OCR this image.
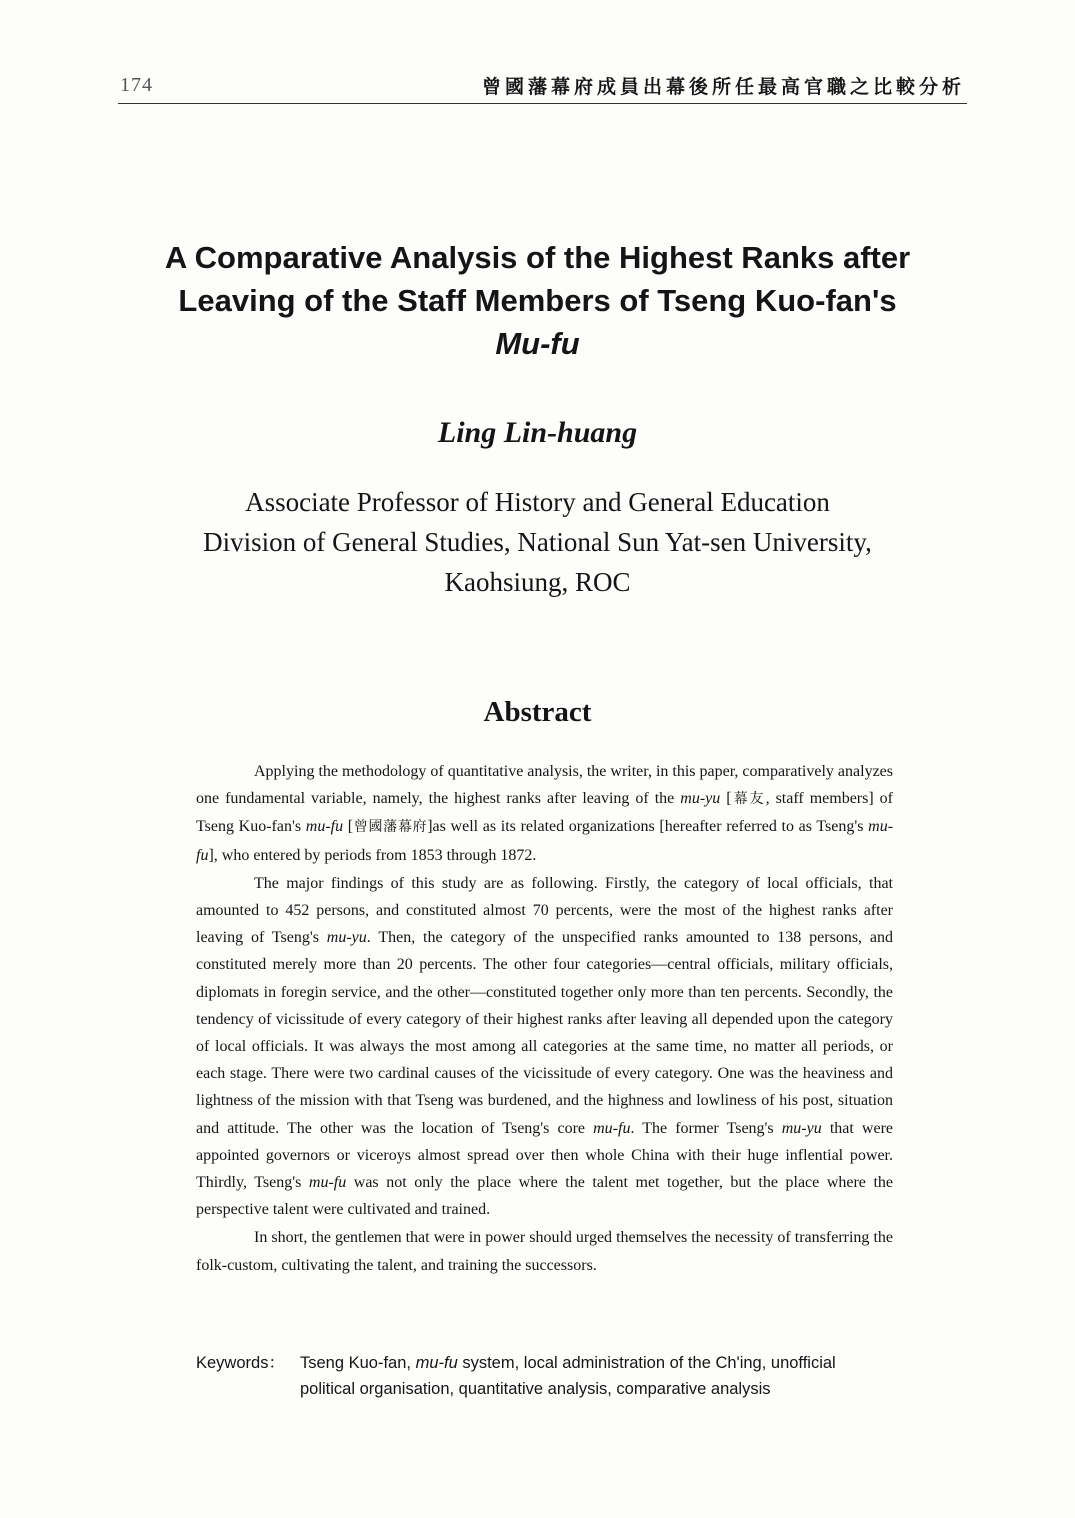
174	曾國藩幕府成員出幕後所任最高官職之比較分析
A Comparative Analysis of the Highest Ranks after
Leaving of the Staff Members of Tseng Kuo-fan's
Mu-fu
Ling Lin-huang
Associate Professor of History and General Education
Division of General Studies, National Sun Yat-sen University,
Kaohsiung, ROC
Abstract

Applying the methodology of quantitative analysis, the writer, in this paper, comparatively analyzes one fundamental variable, namely, the highest ranks after leaving of the mu-yu [幕友, staff members] of Tseng Kuo-fan's mu-fu [曾國藩幕府]as well as its related organizations [hereafter referred to as Tseng's mu-fu], who entered by periods from 1853 through 1872.

The major findings of this study are as following. Firstly, the category of local officials, that amounted to 452 persons, and constituted almost 70 percents, were the most of the highest ranks after leaving of Tseng's mu-yu. Then, the category of the unspecified ranks amounted to 138 persons, and constituted merely more than 20 percents. The other four categories—central officials, military officials, diplomats in foregin service, and the other—constituted together only more than ten percents. Secondly, the tendency of vicissitude of every category of their highest ranks after leaving all depended upon the category of local officials. It was always the most among all categories at the same time, no matter all periods, or each stage. There were two cardinal causes of the vicissitude of every category. One was the heaviness and lightness of the mission with that Tseng was burdened, and the highness and lowliness of his post, situation and attitude. The other was the location of Tseng's core mu-fu. The former Tseng's mu-yu that were appointed governors or viceroys almost spread over then whole China with their huge inflential power. Thirdly, Tseng's mu-fu was not only the place where the talent met together, but the place where the perspective talent were cultivated and trained.

In short, the gentlemen that were in power should urged themselves the necessity of transferring the folk-custom, cultivating the talent, and training the successors.

Keywords： Tseng Kuo-fan, mu-fu system, local administration of the Ch'ing, unofficial
political organisation, quantitative analysis, comparative analysis
